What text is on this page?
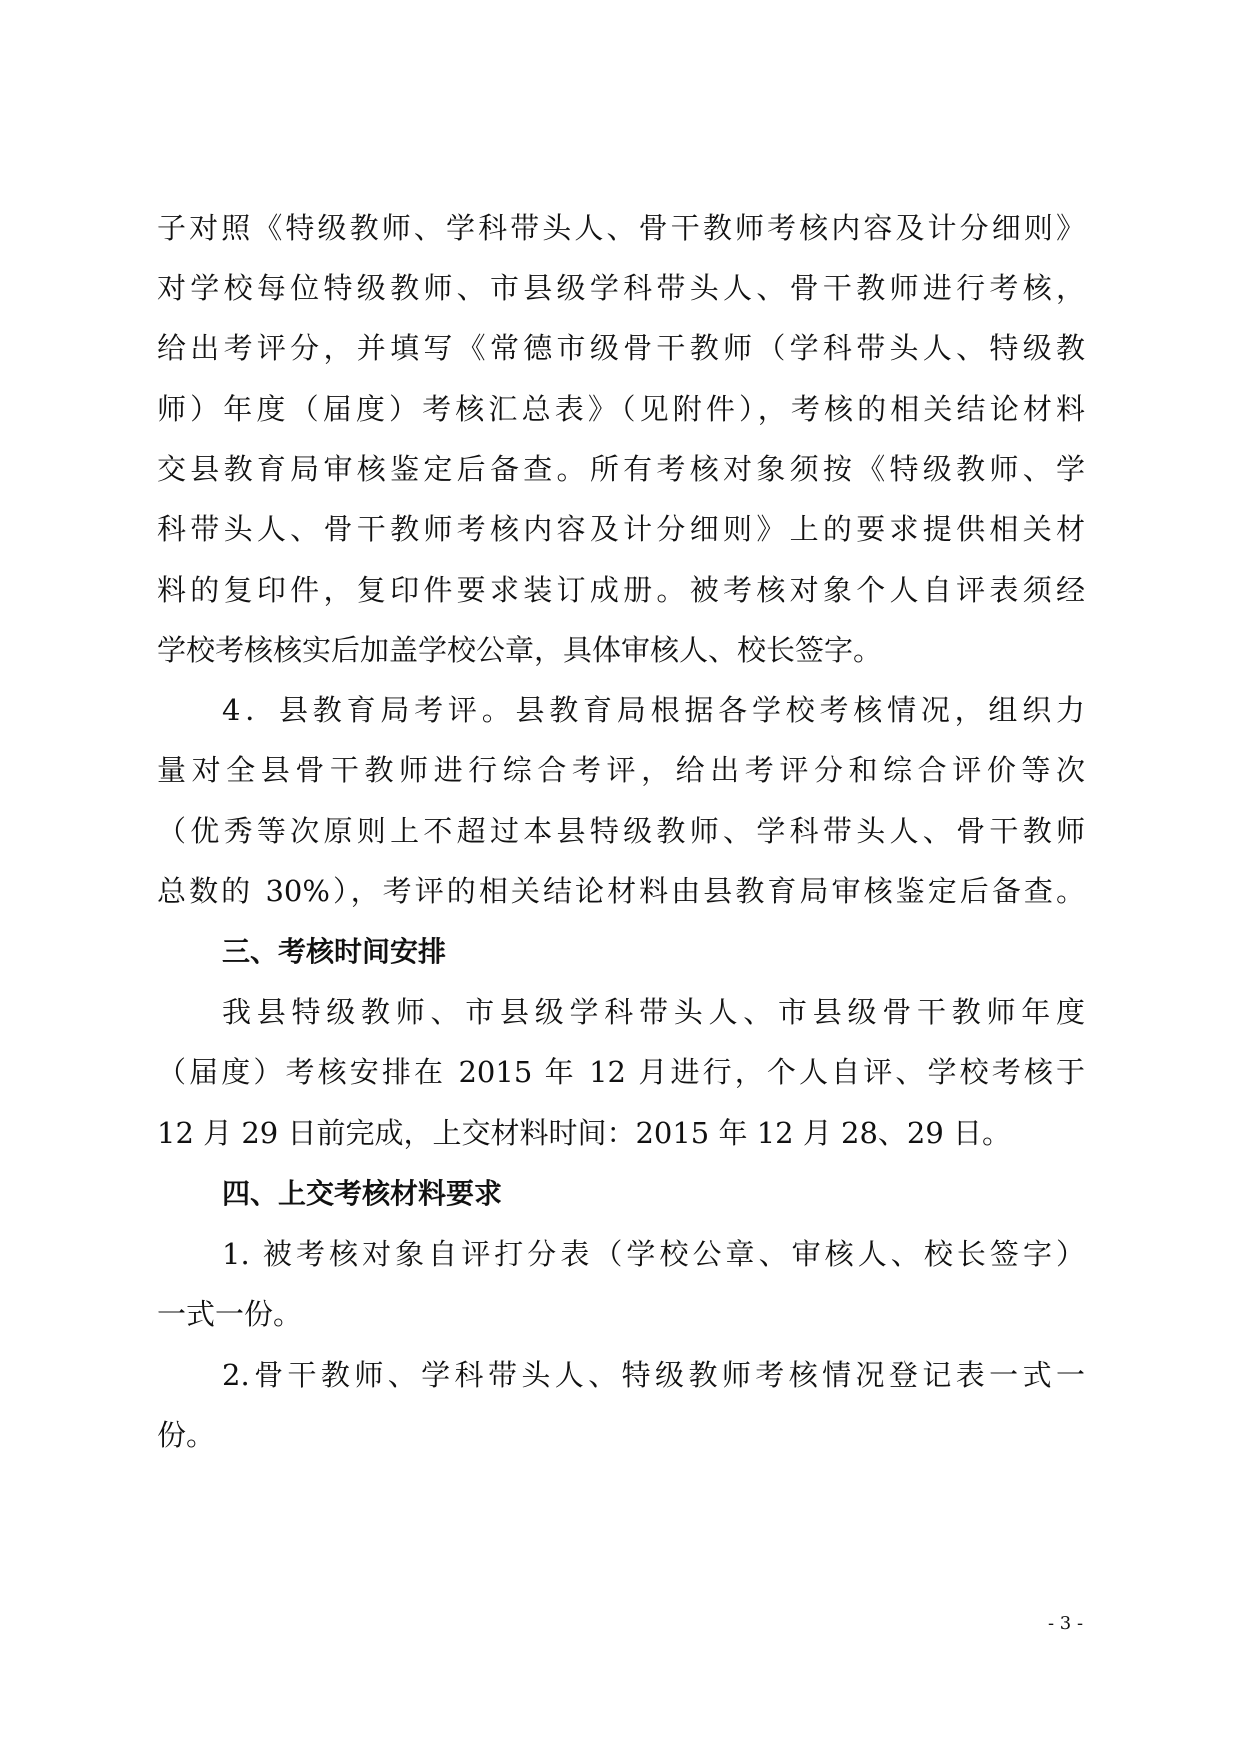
子对照《特级教师、学科带头人、骨干教师考核内容及计分细则》
对学校每位特级教师、市县级学科带头人、骨干教师进行考核，
给出考评分，并填写《常德市级骨干教师（学科带头人、特级教
师）年度（届度）考核汇总表》（见附件），考核的相关结论材料
交县教育局审核鉴定后备查。所有考核对象须按《特级教师、学
科带头人、骨干教师考核内容及计分细则》上的要求提供相关材
料的复印件，复印件要求装订成册。被考核对象个人自评表须经
学校考核核实后加盖学校公章，具体审核人、校长签字。
4．县教育局考评。县教育局根据各学校考核情况，组织力
量对全县骨干教师进行综合考评，给出考评分和综合评价等次
（优秀等次原则上不超过本县特级教师、学科带头人、骨干教师
总数的 30%），考评的相关结论材料由县教育局审核鉴定后备查。
三、考核时间安排
我县特级教师、市县级学科带头人、市县级骨干教师年度
（届度）考核安排在 2015 年 12 月进行，个人自评、学校考核于
12 月 29 日前完成，上交材料时间：2015 年 12 月 28、29 日。
四、上交考核材料要求
1. 被考核对象自评打分表（学校公章、审核人、校长签字）
一式一份。
2.骨干教师、学科带头人、特级教师考核情况登记表一式一
份。
- 3 -
